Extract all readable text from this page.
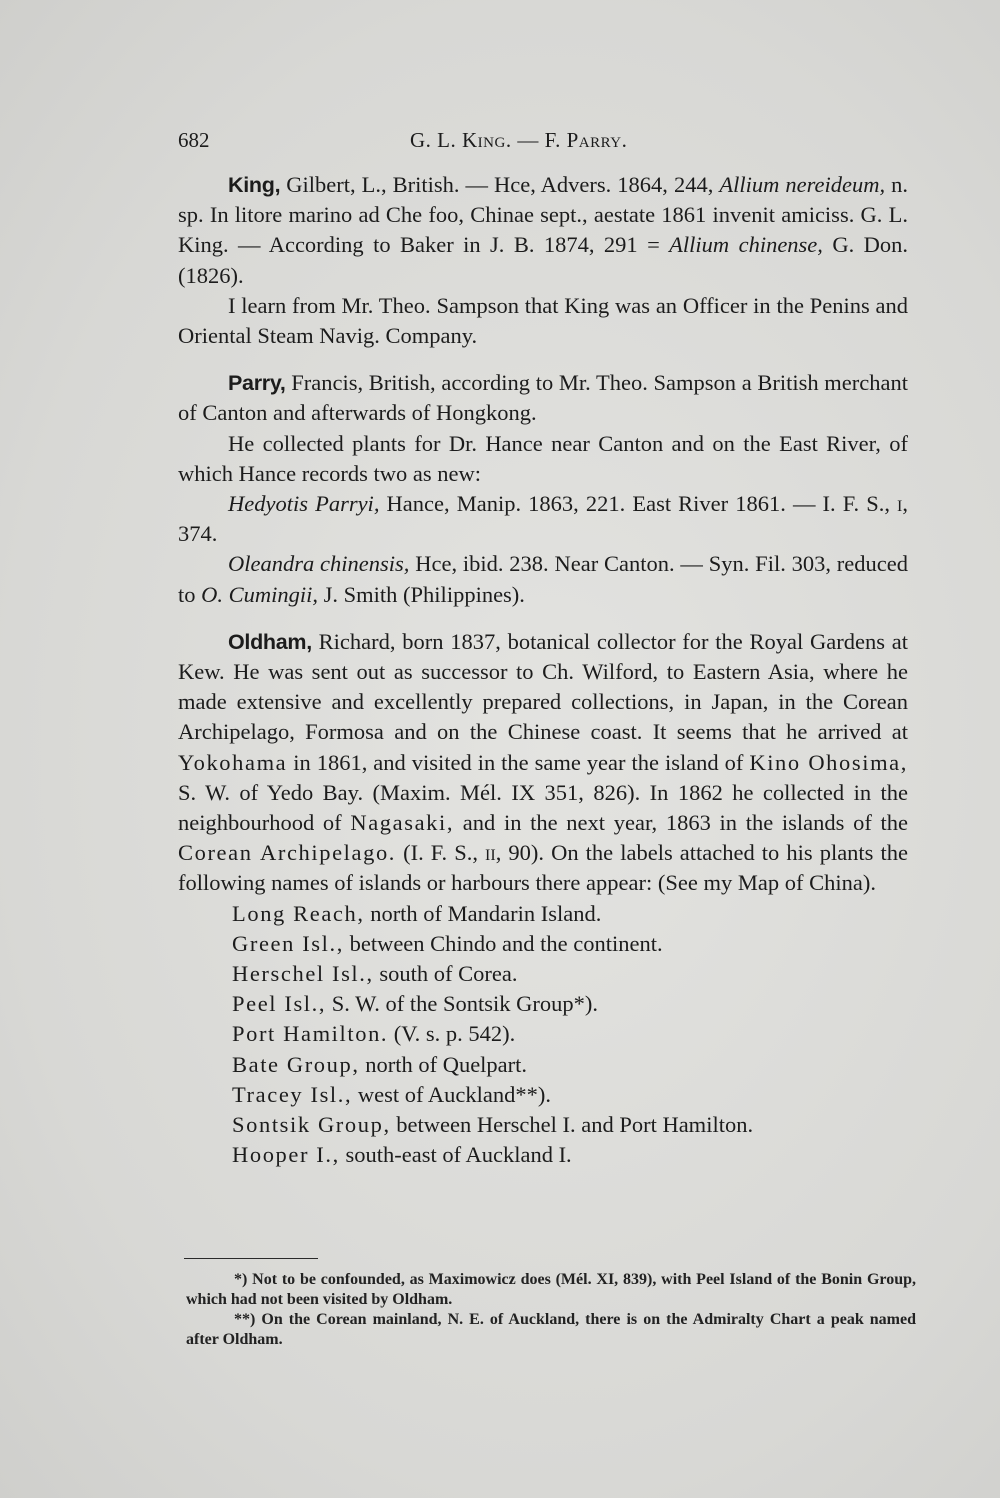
682	G. L. King. — F. Parry.

King, Gilbert, L., British. — Hce, Advers. 1864, 244, Allium nereideum, n. sp. In litore marino ad Che foo, Chinae sept., aestate 1861 invenit amiciss. G. L. King. — According to Baker in J. B. 1874, 291 = Allium chinense, G. Don. (1826).

I learn from Mr. Theo. Sampson that King was an Officer in the Penins and Oriental Steam Navig. Company.

Parry, Francis, British, according to Mr. Theo. Sampson a British merchant of Canton and afterwards of Hongkong.

He collected plants for Dr. Hance near Canton and on the East River, of which Hance records two as new:

Hedyotis Parryi, Hance, Manip. 1863, 221. East River 1861. — I. F. S., i, 374.

Oleandra chinensis, Hce, ibid. 238. Near Canton. — Syn. Fil. 303, reduced to O. Cumingii, J. Smith (Philippines).

Oldham, Richard, born 1837, botanical collector for the Royal Gardens at Kew. He was sent out as successor to Ch. Wilford, to Eastern Asia, where he made extensive and excellently prepared collections, in Japan, in the Corean Archipelago, Formosa and on the Chinese coast. It seems that he arrived at Yokohama in 1861, and visited in the same year the island of Kino Ohosima, S. W. of Yedo Bay. (Maxim. Mél. IX 351, 826). In 1862 he collected in the neighbourhood of Nagasaki, and in the next year, 1863 in the islands of the Corean Archipelago. (I. F. S., ii, 90). On the labels attached to his plants the following names of islands or harbours there appear: (See my Map of China).

Long Reach, north of Mandarin Island.

Green Isl., between Chindo and the continent.

Herschel Isl., south of Corea.

Peel Isl., S. W. of the Sontsik Group*).

Port Hamilton. (V. s. p. 542).

Bate Group, north of Quelpart.

Tracey Isl., west of Auckland**).

Sontsik Group, between Herschel I. and Port Hamilton.

Hooper I., south-east of Auckland I.

*) Not to be confounded, as Maximowicz does (Mél. XI, 839), with Peel Island of the Bonin Group, which had not been visited by Oldham.

**) On the Corean mainland, N. E. of Auckland, there is on the Admiralty Chart a peak named after Oldham.
